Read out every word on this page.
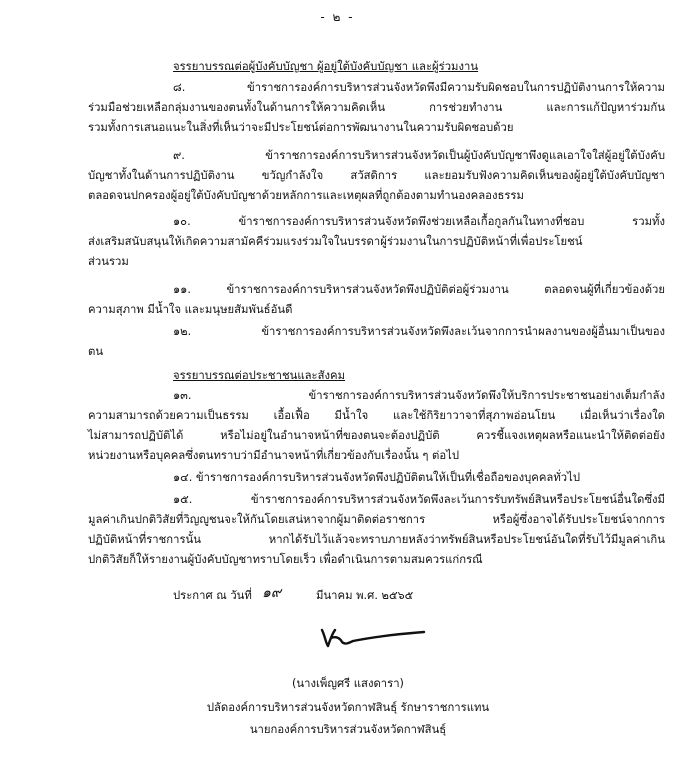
- ๒ -
จรรยาบรรณต่อผู้บังคับบัญชา ผู้อยู่ใต้บังคับบัญชา และผู้ร่วมงาน
๘. ข้าราชการองค์การบริหารส่วนจังหวัดพึงมีความรับผิดชอบในการปฏิบัติงานการให้ความ
ร่วมมือช่วยเหลือกลุ่มงานของตนทั้งในด้านการให้ความคิดเห็น การช่วยทำงาน และการแก้ปัญหาร่วมกัน
รวมทั้งการเสนอแนะในสิ่งที่เห็นว่าจะมีประโยชน์ต่อการพัฒนางานในความรับผิดชอบด้วย
๙. ข้าราชการองค์การบริหารส่วนจังหวัดเป็นผู้บังคับบัญชาพึงดูแลเอาใจใส่ผู้อยู่ใต้บังคับ
บัญชาทั้งในด้านการปฏิบัติงาน ขวัญกำลังใจ สวัสดิการ และยอมรับฟังความคิดเห็นของผู้อยู่ใต้บังคับบัญชา
ตลอดจนปกครองผู้อยู่ใต้บังคับบัญชาด้วยหลักการและเหตุผลที่ถูกต้องตามทำนองคลองธรรม
๑๐. ข้าราชการองค์การบริหารส่วนจังหวัดพึงช่วยเหลือเกื้อกูลกันในทางที่ชอบ รวมทั้ง
ส่งเสริมสนับสนุนให้เกิดความสามัคคีร่วมแรงร่วมใจในบรรดาผู้ร่วมงานในการปฏิบัติหน้าที่เพื่อประโยชน์
ส่วนรวม
๑๑. ข้าราชการองค์การบริหารส่วนจังหวัดพึงปฏิบัติต่อผู้ร่วมงาน ตลอดจนผู้ที่เกี่ยวข้องด้วย
ความสุภาพ มีน้ำใจ และมนุษยสัมพันธ์อันดี
๑๒. ข้าราชการองค์การบริหารส่วนจังหวัดพึงละเว้นจากการนำผลงานของผู้อื่นมาเป็นของ
ตน
จรรยาบรรณต่อประชาชนและสังคม
๑๓. ข้าราชการองค์การบริหารส่วนจังหวัดพึงให้บริการประชาชนอย่างเต็มกำลัง
ความสามารถด้วยความเป็นธรรม เอื้อเฟื้อ มีน้ำใจ และใช้กิริยาวาจาที่สุภาพอ่อนโยน เมื่อเห็นว่าเรื่องใด
ไม่สามารถปฏิบัติได้ หรือไม่อยู่ในอำนาจหน้าที่ของตนจะต้องปฏิบัติ ควรชี้แจงเหตุผลหรือแนะนำให้ติดต่อยัง
หน่วยงานหรือบุคคลซึ่งตนทราบว่ามีอำนาจหน้าที่เกี่ยวข้องกับเรื่องนั้น ๆ ต่อไป
๑๔. ข้าราชการองค์การบริหารส่วนจังหวัดพึงปฏิบัติตนให้เป็นที่เชื่อถือของบุคคลทั่วไป
๑๕. ข้าราชการองค์การบริหารส่วนจังหวัดพึงละเว้นการรับทรัพย์สินหรือประโยชน์อื่นใดซึ่งมี
มูลค่าเกินปกติวิสัยที่วิญญูชนจะให้กันโดยเสน่หาจากผู้มาติดต่อราชการ หรือผู้ซึ่งอาจได้รับประโยชน์จากการ
ปฏิบัติหน้าที่ราชการนั้น หากได้รับไว้แล้วจะทราบภายหลังว่าทรัพย์สินหรือประโยชน์อันใดที่รับไว้มีมูลค่าเกิน
ปกติวิสัยก็ให้รายงานผู้บังคับบัญชาทราบโดยเร็ว เพื่อดำเนินการตามสมควรแก่กรณี
ประกาศ ณ วันที่ ๑๙	มีนาคม พ.ศ. ๒๕๖๕
(นางเพ็ญศรี แสงดารา)
ปลัดองค์การบริหารส่วนจังหวัดกาฬสินธุ์ รักษาราชการแทน
นายกองค์การบริหารส่วนจังหวัดกาฬสินธุ์
